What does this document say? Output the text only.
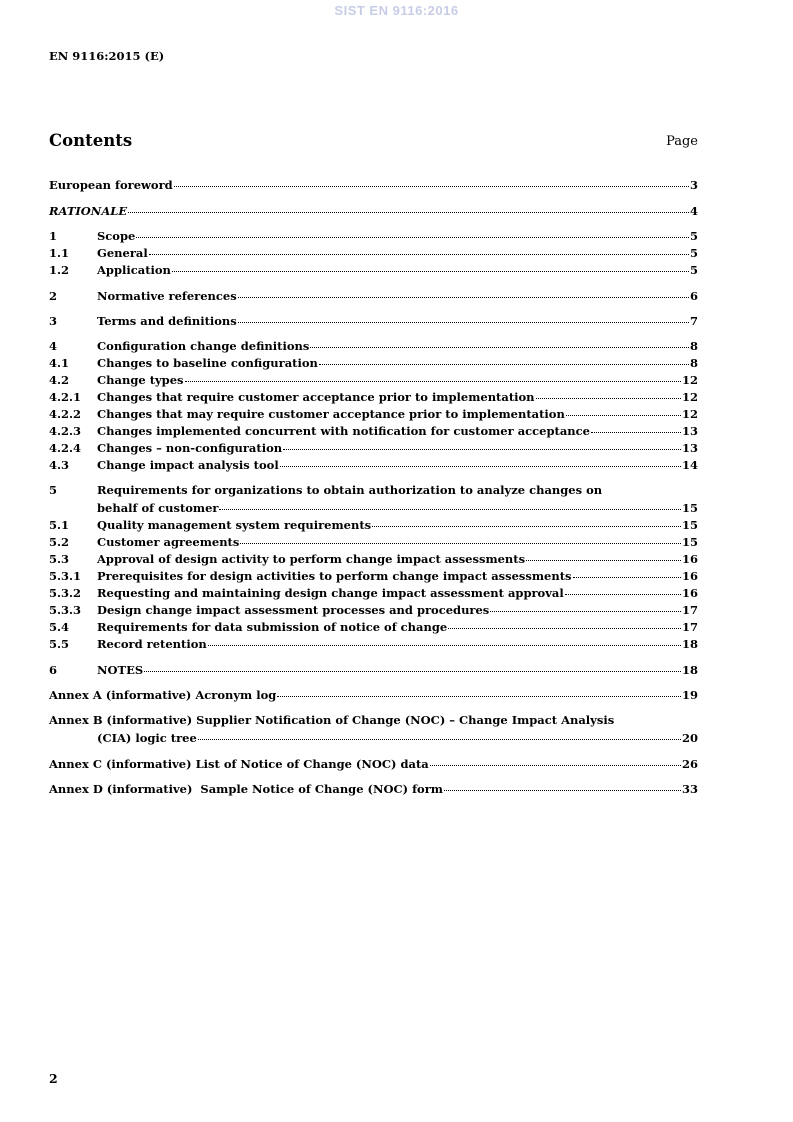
SIST EN 9116:2016
EN 9116:2015 (E)
Contents	Page
European foreword	3
RATIONALE	4
1	Scope	5
1.1	General	5
1.2	Application	5
2	Normative references	6
3	Terms and definitions	7
4	Configuration change definitions	8
4.1	Changes to baseline configuration	8
4.2	Change types	12
4.2.1	Changes that require customer acceptance prior to implementation	12
4.2.2	Changes that may require customer acceptance prior to implementation	12
4.2.3	Changes implemented concurrent with notification for customer acceptance	13
4.2.4	Changes – non-configuration	13
4.3	Change impact analysis tool	14
5	Requirements for organizations to obtain authorization to analyze changes on
behalf of customer	15
5.1	Quality management system requirements	15
5.2	Customer agreements	15
5.3	Approval of design activity to perform change impact assessments	16
5.3.1	Prerequisites for design activities to perform change impact assessments	16
5.3.2	Requesting and maintaining design change impact assessment approval	16
5.3.3	Design change impact assessment processes and procedures	17
5.4	Requirements for data submission of notice of change	17
5.5	Record retention	18
6	NOTES	18
Annex A (informative) Acronym log	19
Annex B (informative) Supplier Notification of Change (NOC) – Change Impact Analysis
(CIA) logic tree	20
Annex C (informative) List of Notice of Change (NOC) data	26
Annex D (informative)  Sample Notice of Change (NOC) form	33
2
